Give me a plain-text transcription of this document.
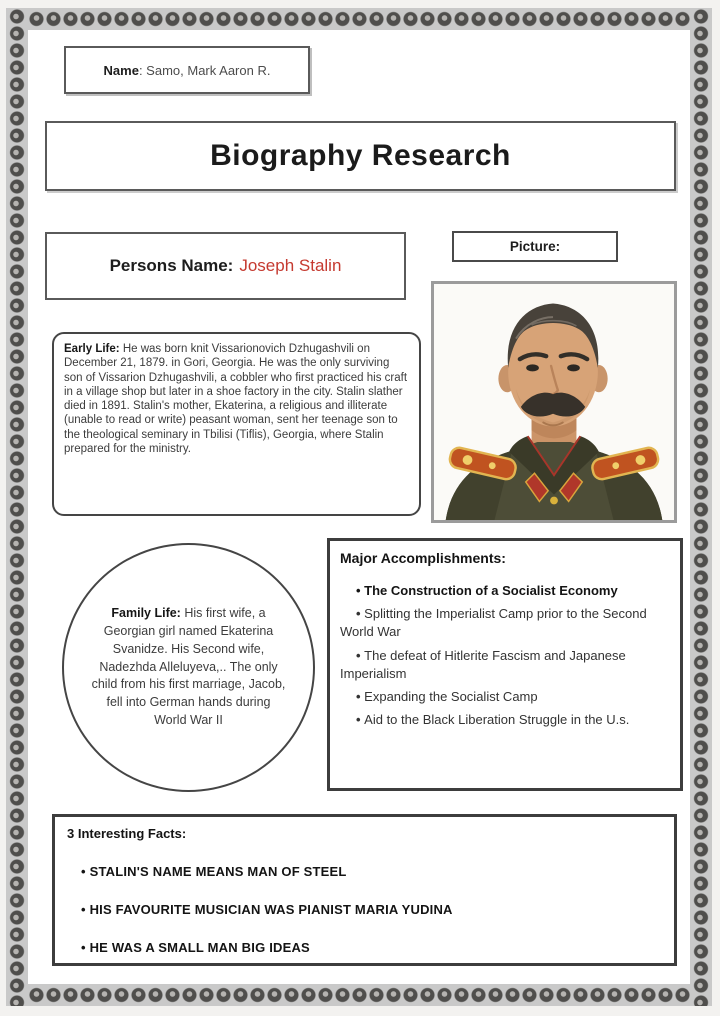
Name: Samo, Mark Aaron R.
Biography Research
Persons Name: Joseph Stalin
Picture:
Early Life: He was born knit Vissarionovich Dzhugashvili on December 21, 1879. in Gori, Georgia. He was the only surviving son of Vissarion Dzhugashvili, a cobbler who first practiced his craft in a village shop but later in a shoe factory in the city. Stalin slather died in 1891. Stalin's mother, Ekaterina, a religious and illiterate (unable to read or write) peasant woman, sent her teenage son to the theological seminary in Tbilisi (Tiflis), Georgia, where Stalin prepared for the ministry.
Family Life: His first wife, a Georgian girl named Ekaterina Svanidze. His Second wife, Nadezhda Alleluyeva,.. The only child from his first marriage, Jacob, fell into German hands during World War II
Major Accomplishments:
• The Construction of a Socialist Economy
• Splitting the Imperialist Camp prior to the Second World War
• The defeat of Hitlerite Fascism and Japanese Imperialism
• Expanding the Socialist Camp
• Aid to the Black Liberation Struggle in the U.s.
3 Interesting Facts:
• STALIN'S NAME MEANS MAN OF STEEL
• HIS FAVOURITE MUSICIAN WAS PIANIST MARIA YUDINA
• HE WAS A SMALL MAN BIG IDEAS
